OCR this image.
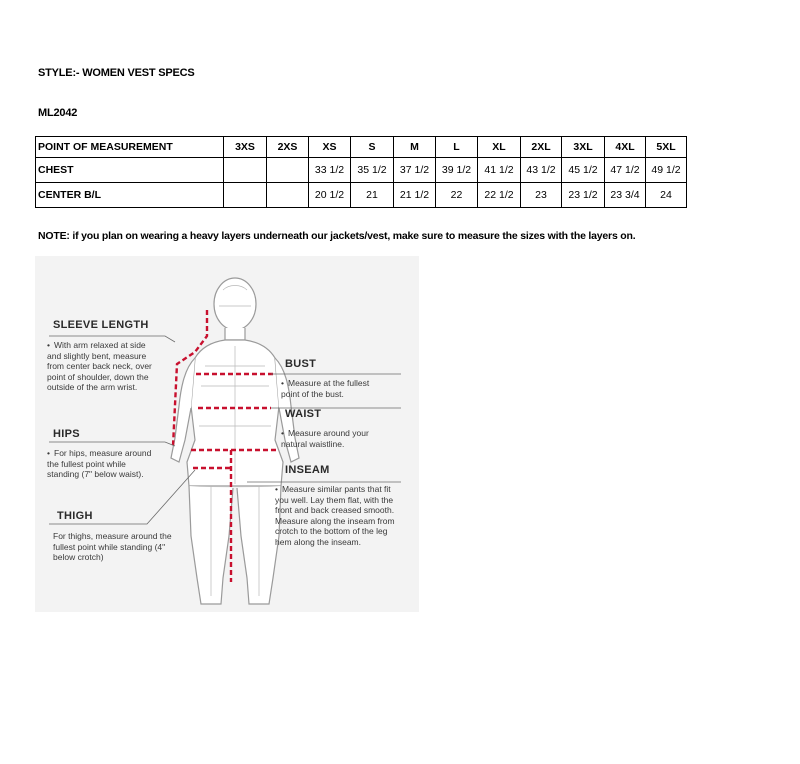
STYLE:- WOMEN VEST SPECS
ML2042
POINT OF MEASUREMENT	3XS	2XS	XS	S	M	L	XL	2XL	3XL	4XL	5XL
CHEST			33 1/2	35 1/2	37 1/2	39 1/2	41 1/2	43 1/2	45 1/2	47 1/2	49 1/2
CENTER B/L			20 1/2	21	21 1/2	22	22 1/2	23	23 1/2	23 3/4	24
NOTE: if you plan on wearing a heavy layers underneath our jackets/vest, make sure to measure the sizes with the layers on.
SLEEVE LENGTH
• With arm relaxed at side and slightly bent, measure from center back neck, over point of shoulder, down the outside of the arm wrist.
HIPS
• For hips, measure around the fullest point while standing (7" below waist).
THIGH
For thighs, measure around the fullest point while standing (4" below crotch)
BUST
• Measure at the fullest point of the bust.
WAIST
• Measure around your natural waistline.
INSEAM
• Measure similar pants that fit you well. Lay them flat, with the front and back creased smooth. Measure along the inseam from crotch to the bottom of the leg hem along the inseam.
